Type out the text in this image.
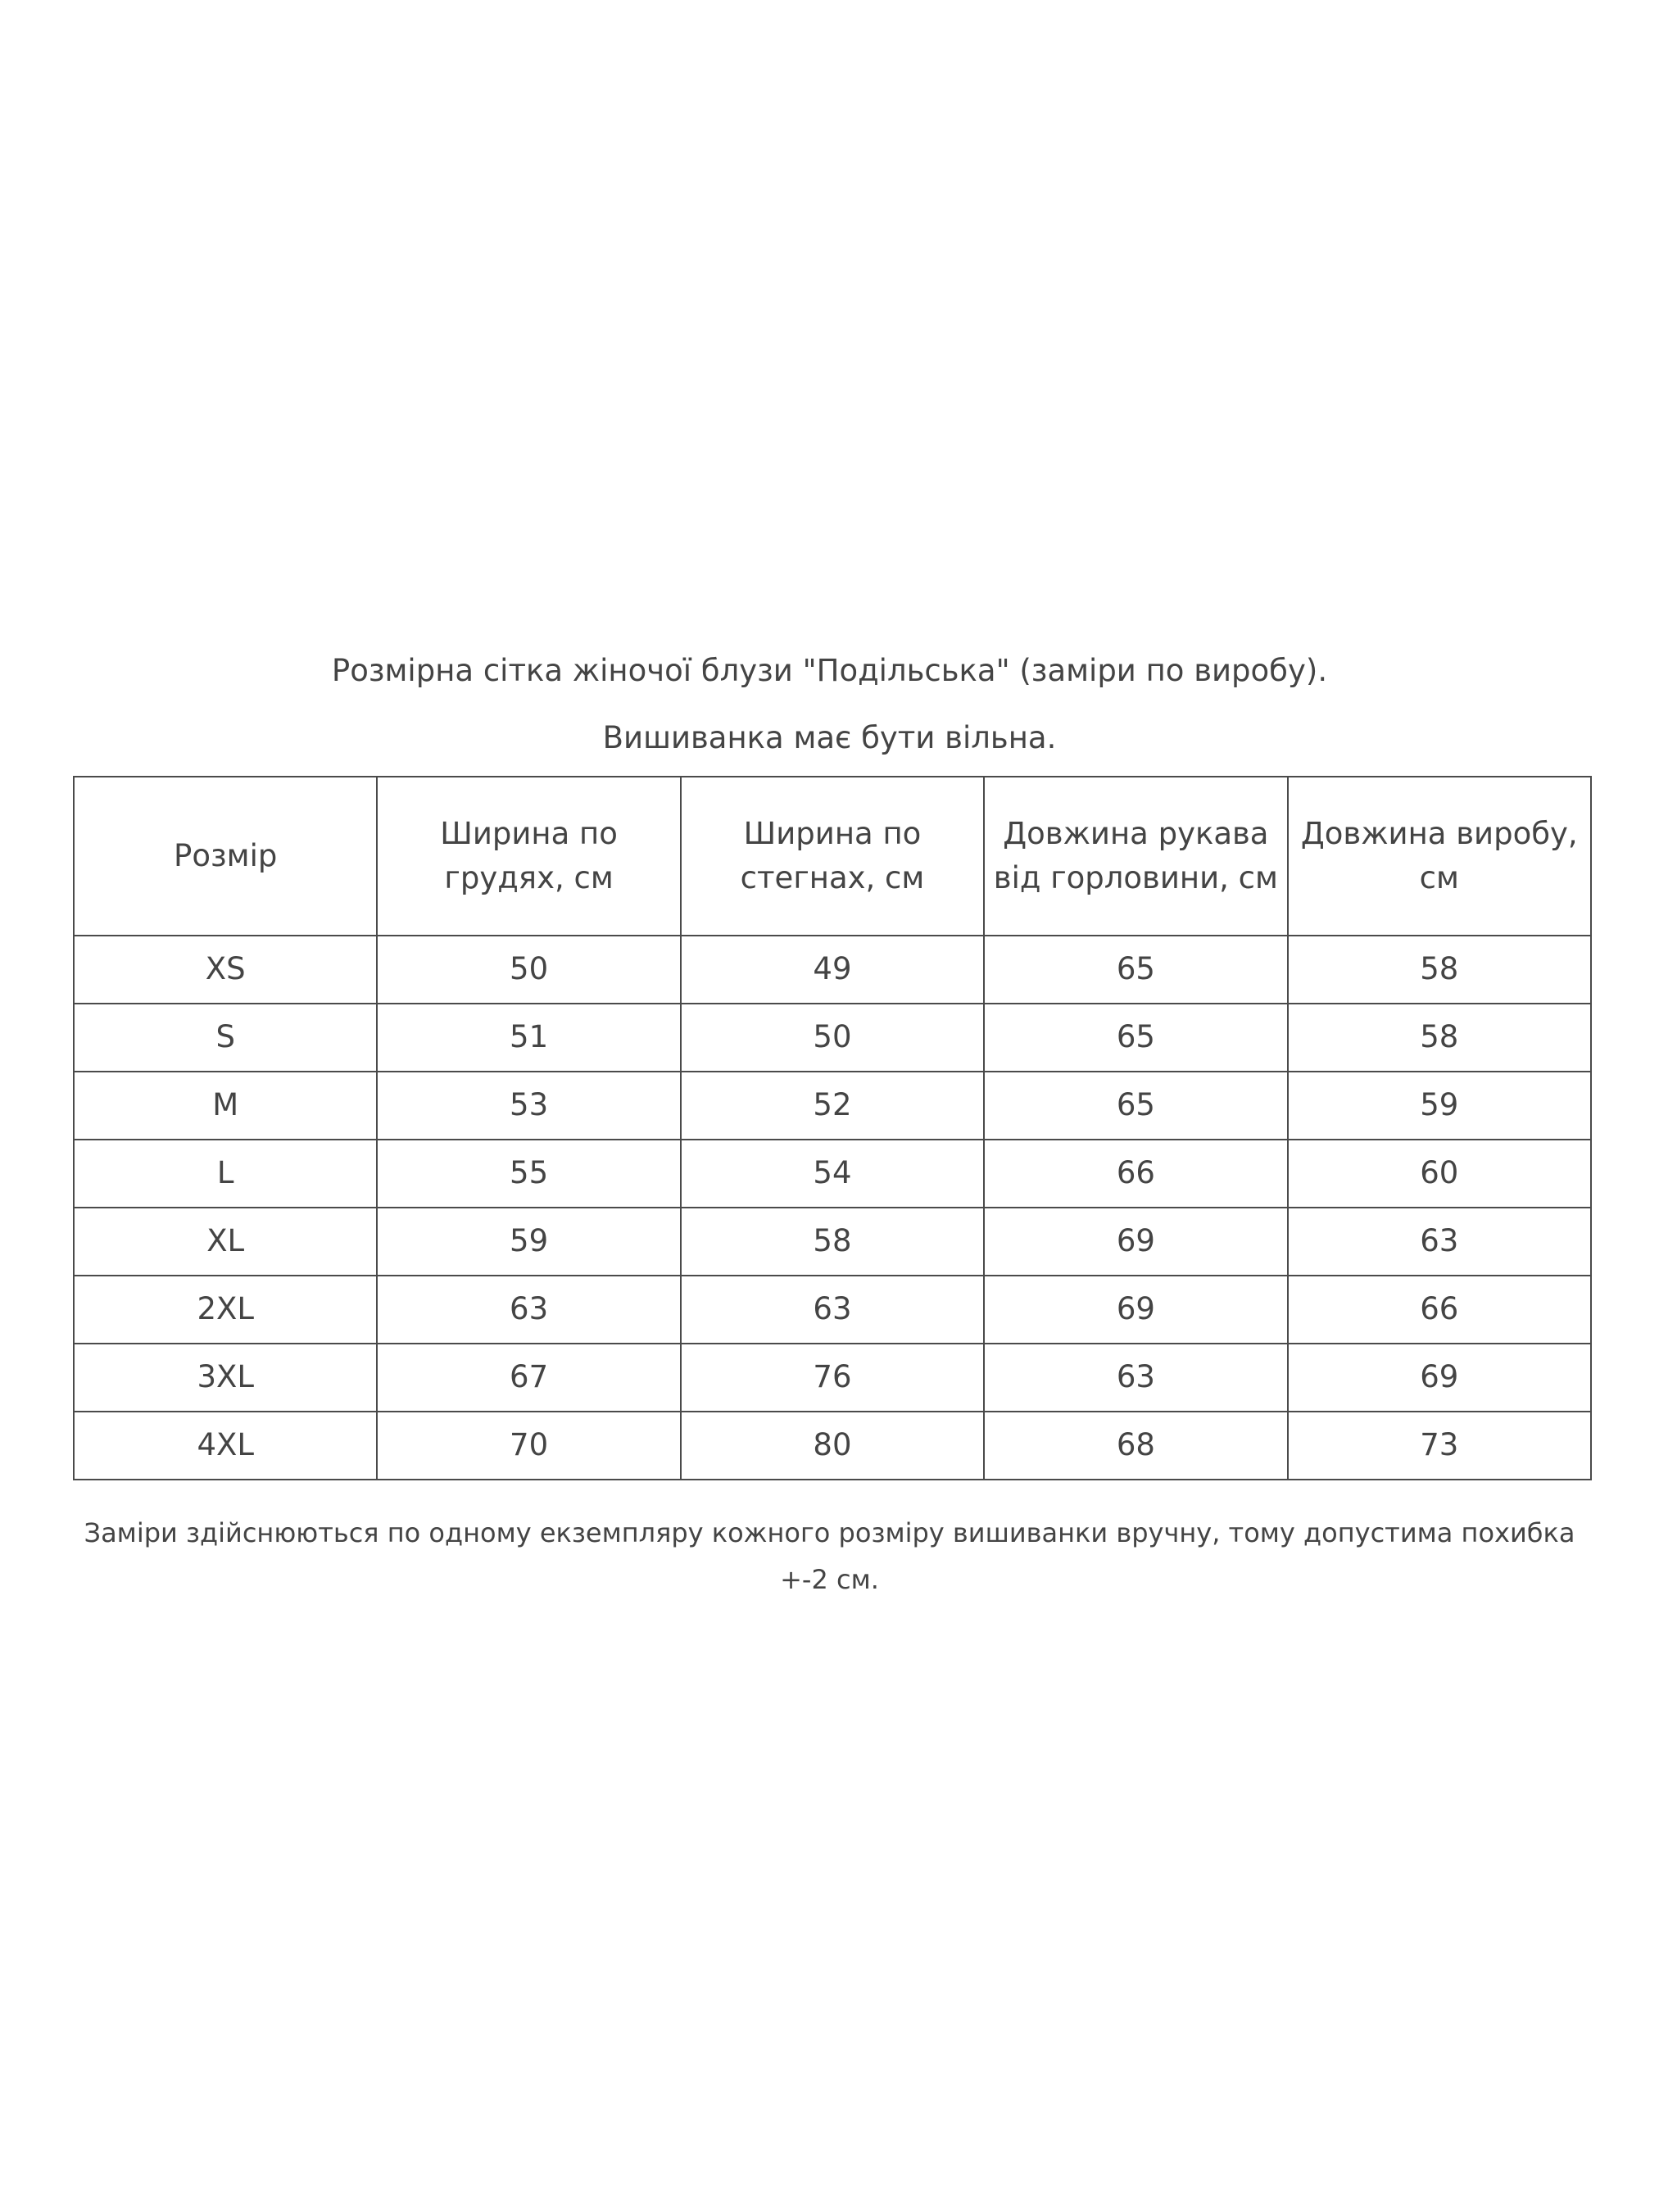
Розмірна сітка жіночої блузи "Подільська" (заміри по виробу).
Вишиванка має бути вільна.
Розмір	Ширина по грудях, см	Ширина по стегнах, см	Довжина рукава від горловини, см	Довжина виробу, см
XS	50	49	65	58
S	51	50	65	58
M	53	52	65	59
L	55	54	66	60
XL	59	58	69	63
2XL	63	63	69	66
3XL	67	76	63	69
4XL	70	80	68	73
Заміри здійснюються по одному екземпляру кожного розміру вишиванки вручну, тому допустима похибка +-2 см.
